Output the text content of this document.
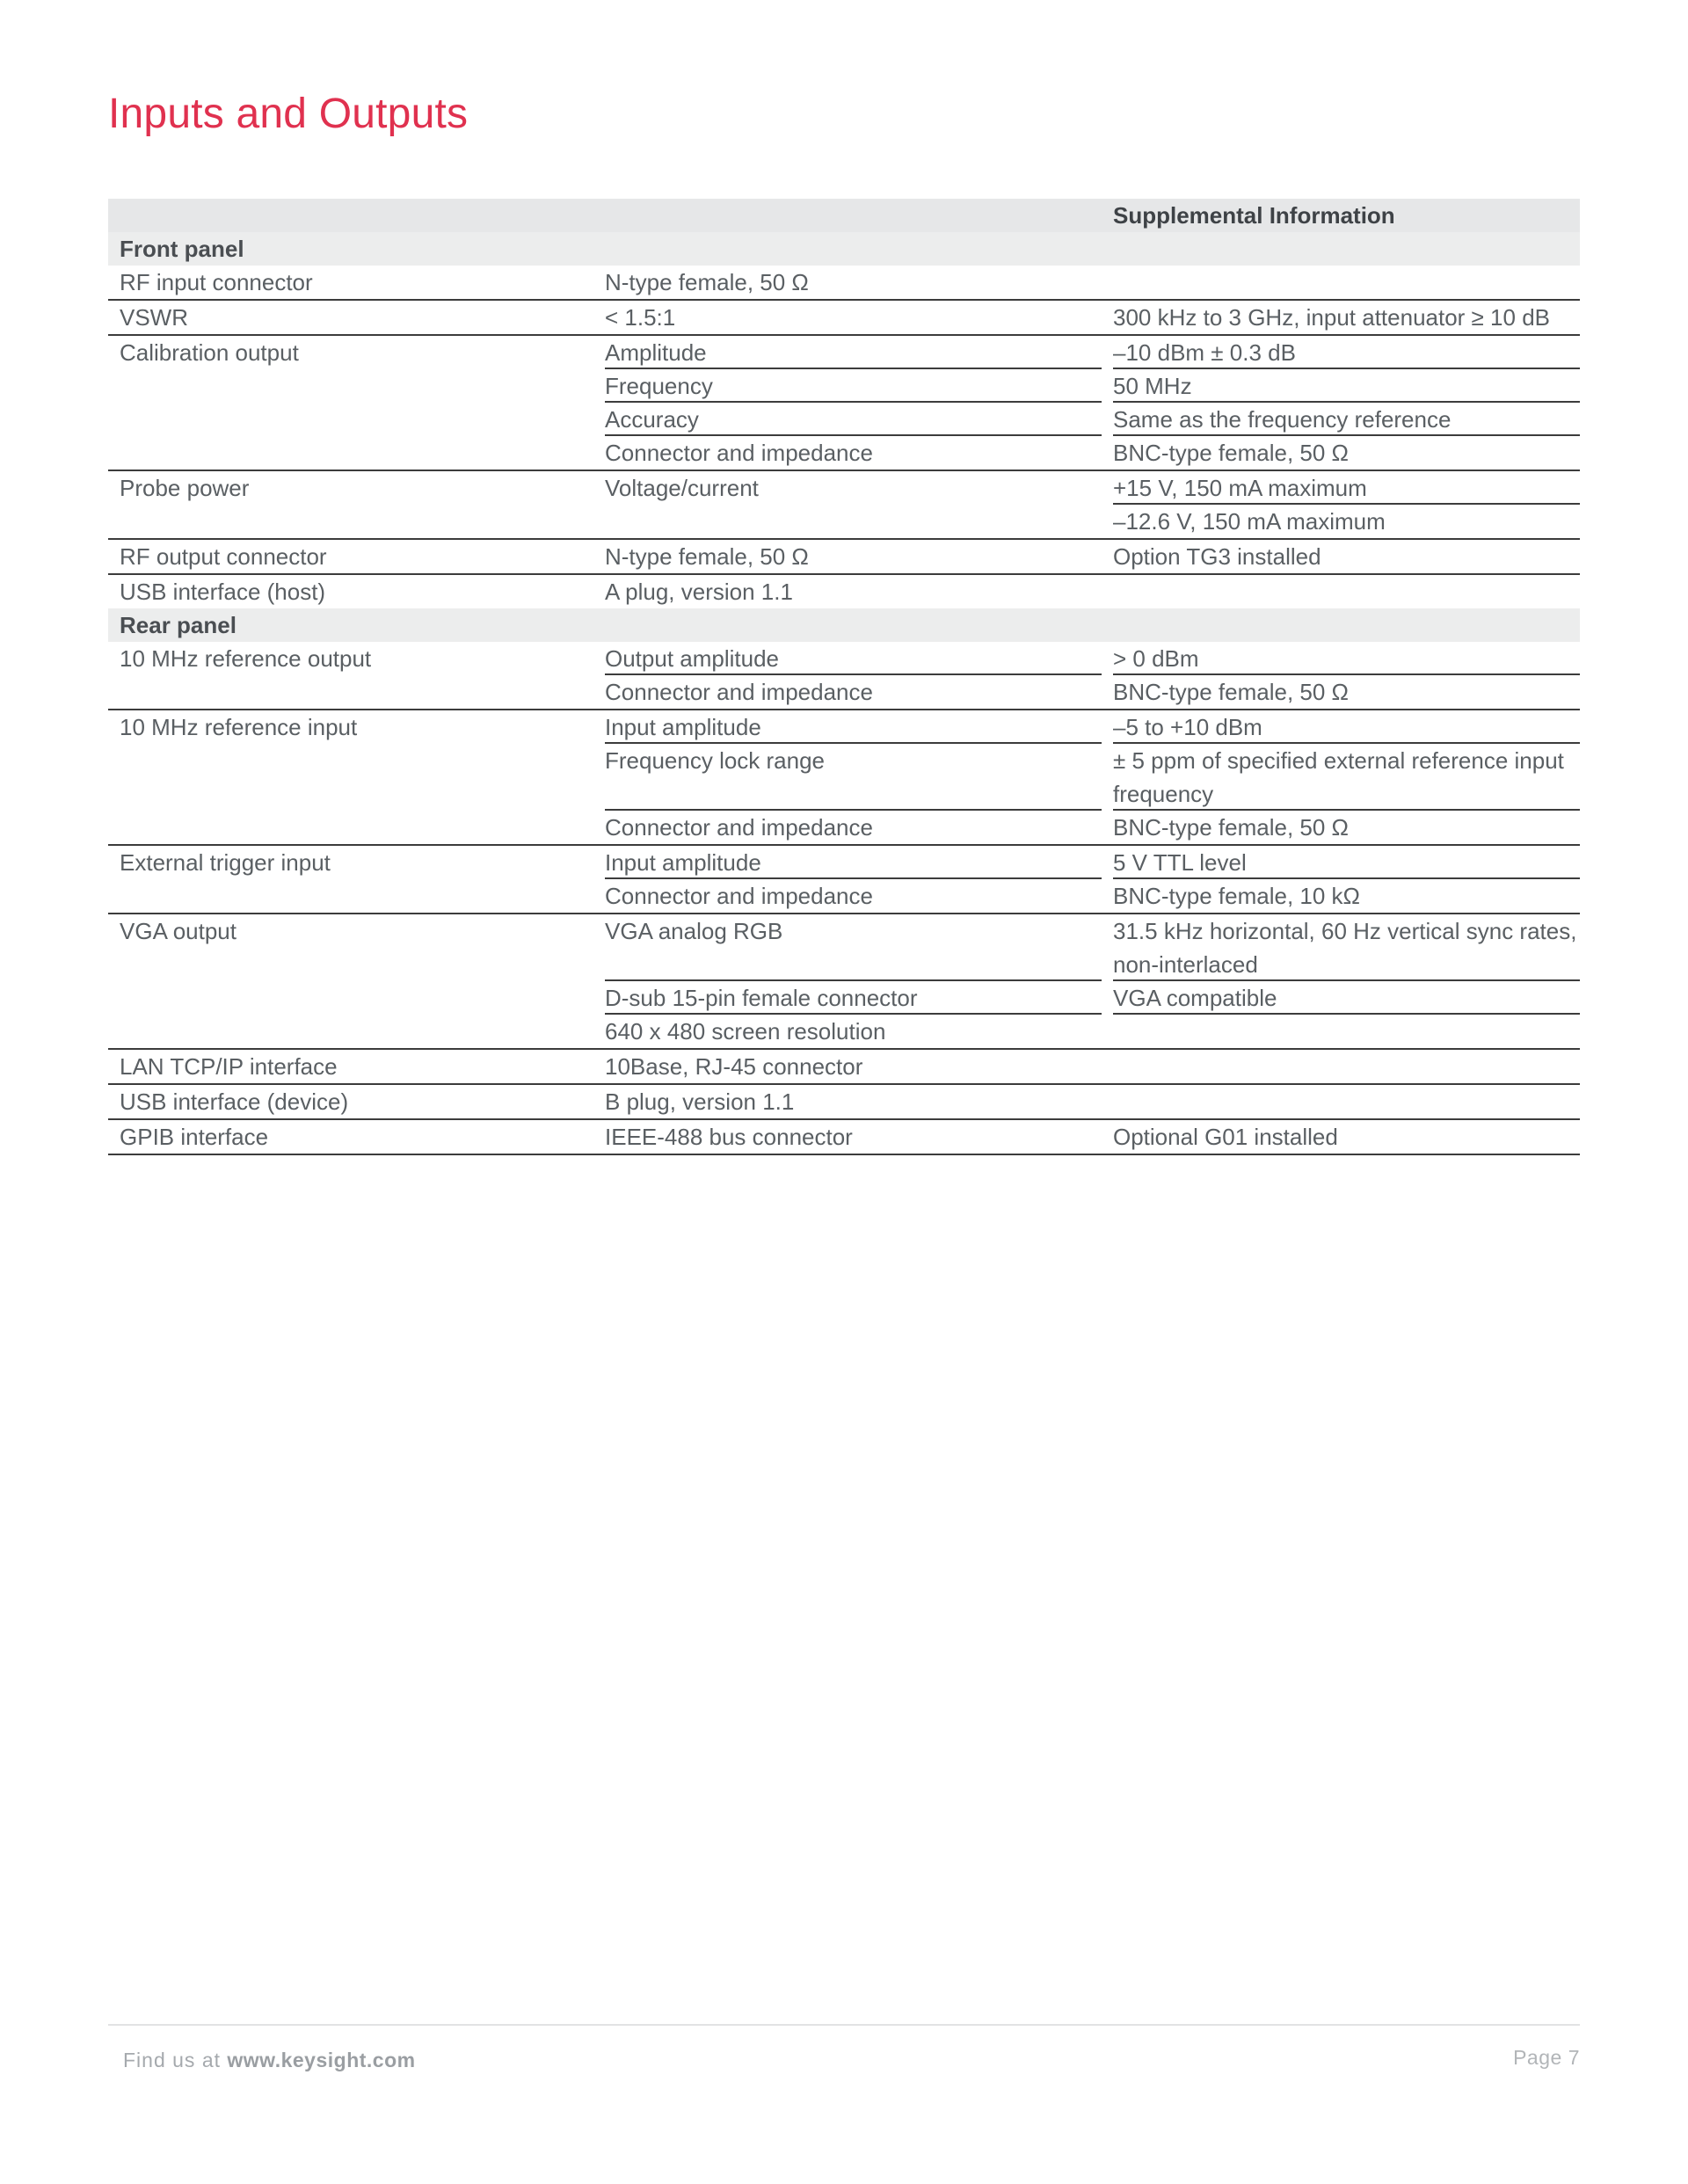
Inputs and Outputs
		Supplemental Information
Front panel		
RF input connector	N-type female, 50 Ω	
VSWR	< 1.5:1	300 kHz to 3 GHz, input attenuator ≥ 10 dB
Calibration output	Amplitude	–10 dBm ± 0.3 dB
	Frequency	50 MHz
	Accuracy	Same as the frequency reference
	Connector and impedance	BNC-type female, 50 Ω
Probe power	Voltage/current	+15 V, 150 mA maximum
		–12.6 V, 150 mA maximum
RF output connector	N-type female, 50 Ω	Option TG3 installed
USB interface (host)	A plug, version 1.1	
Rear panel		
10 MHz reference output	Output amplitude	> 0 dBm
	Connector and impedance	BNC-type female, 50 Ω
10 MHz reference input	Input amplitude	–5 to +10 dBm
	Frequency lock range	± 5 ppm of specified external reference input frequency
	Connector and impedance	BNC-type female, 50 Ω
External trigger input	Input amplitude	5 V TTL level
	Connector and impedance	BNC-type female, 10 kΩ
VGA output	VGA analog RGB	31.5 kHz horizontal, 60 Hz vertical sync rates, non-interlaced
	D-sub 15-pin female connector	VGA compatible
	640 x 480 screen resolution	
LAN TCP/IP interface	10Base, RJ-45 connector	
USB interface (device)	B plug, version 1.1	
GPIB interface	IEEE-488 bus connector	Optional G01 installed
Find us at www.keysight.com	Page 7
